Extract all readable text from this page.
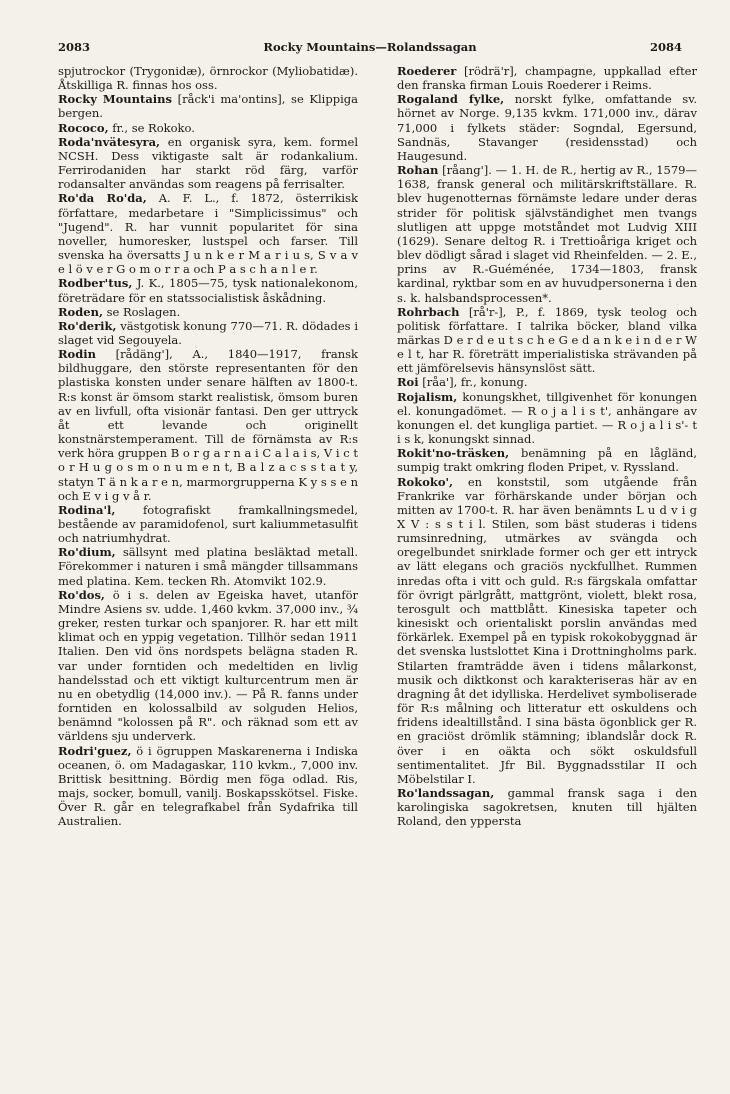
2083	Rocky Mountains—Rolandssagan	2084

spjutrockor (Trygonidæ), örnrockor (Myliobatidæ). Åtskilliga R. finnas hos oss.

Rocky Mountains [råck'i ma'ontins], se Klippiga bergen.

Rococo, fr., se Rokoko.

Roda'nvätesyra, en organisk syra, kem. formel NCSH. Dess viktigaste salt är rodankalium. Ferrirodaniden har starkt röd färg, varför rodansalter användas som reagens på ferrisalter.

Ro'da Ro'da, A. F. L., f. 1872, österrikisk författare, medarbetare i "Simplicissimus" och "Jugend". R. har vunnit popularitet för sina noveller, humoresker, lustspel och farser. Till svenska ha översatts J u n k e r M a r i u s, S v a v e l ö v e r G o m o r r a och P a s c h a n l e r.

Rodber'tus, J. K., 1805—75, tysk nationalekonom, företrädare för en statssocialistisk åskådning.

Roden, se Roslagen.

Ro'derik, västgotisk konung 770—71. R. dödades i slaget vid Segouyela.

Rodin [rådäng'], A., 1840—1917, fransk bildhuggare, den störste representanten för den plastiska konsten under senare hälften av 1800-t. R:s konst är ömsom starkt realistisk, ömsom buren av en livfull, ofta visionär fantasi. Den ger uttryck åt ett levande och originellt konstnärstemperament. Till de förnämsta av R:s verk höra gruppen B o r g a r n a i C a l a i s, V i c t o r H u g o s m o n u m e n t, B a l z a c s s t a t y, statyn T ä n k a r e n, marmorgrupperna K y s s e n och E v i g v å r.

Rodina'l, fotografiskt framkallningsmedel, bestående av paramidofenol, surt kaliummetasulfit och natriumhydrat.

Ro'dium, sällsynt med platina besläktad metall. Förekommer i naturen i små mängder tillsammans med platina. Kem. tecken Rh. Atomvikt 102.9.

Ro'dos, ö i s. delen av Egeiska havet, utanför Mindre Asiens sv. udde. 1,460 kvkm. 37,000 inv., ¾ greker, resten turkar och spanjorer. R. har ett milt klimat och en yppig vegetation. Tillhör sedan 1911 Italien. Den vid öns nordspets belägna staden R. var under forntiden och medeltiden en livlig handelsstad och ett viktigt kulturcentrum men är nu en obetydlig (14,000 inv.). — På R. fanns under forntiden en kolossalbild av solguden Helios, benämnd "kolossen på R". och räknad som ett av världens sju underverk.

Rodri'guez, ö i ögruppen Maskarenerna i Indiska oceanen, ö. om Madagaskar, 110 kvkm., 7,000 inv. Brittisk besittning. Bördig men föga odlad. Ris, majs, socker, bomull, vanilj. Boskapsskötsel. Fiske. Över R. går en telegrafkabel från Sydafrika till Australien.

Roederer [rödrä'r], champagne, uppkallad efter den franska firman Louis Roederer i Reims.

Rogaland fylke, norskt fylke, omfattande sv. hörnet av Norge. 9,135 kvkm. 171,000 inv., därav 71,000 i fylkets städer: Sogndal, Egersund, Sandnäs, Stavanger (residensstad) och Haugesund.

Rohan [råang']. — 1. H. de R., hertig av R., 1579—1638, fransk general och militärskriftställare. R. blev hugenotternas förnämste ledare under deras strider för politisk självständighet men tvangs slutligen att uppge motståndet mot Ludvig XIII (1629). Senare deltog R. i Trettioåriga kriget och blev dödligt sårad i slaget vid Rheinfelden. — 2. E., prins av R.-Guéménée, 1734—1803, fransk kardinal, ryktbar som en av huvudpersonerna i den s. k. halsbandsprocessen*.

Rohrbach [rå'r-], P., f. 1869, tysk teolog och politisk författare. I talrika böcker, bland vilka märkas D e r d e u t s c h e G e d a n k e i n d e r W e l t, har R. företrätt imperialistiska strävanden på ett jämförelsevis hänsynslöst sätt.

Roi [råa'], fr., konung.

Rojalism, konungskhet, tillgivenhet för konungen el. konungadömet. — R o j a l i s t', anhängare av konungen el. det kungliga partiet. — R o j a l i s'- t i s k, konungskt sinnad.

Rokit'no-träsken, benämning på en lågländ, sumpig trakt omkring floden Pripet, v. Ryssland.

Rokoko', en konststil, som utgående från Frankrike var förhärskande under början och mitten av 1700-t. R. har även benämnts L u d v i g X V : s s t i l. Stilen, som bäst studeras i tidens rumsinredning, utmärkes av svängda och oregelbundet snirklade former och ger ett intryck av lätt elegans och graciös nyckfullhet. Rummen inredas ofta i vitt och guld. R:s färgskala omfattar för övrigt pärlgrått, mattgrönt, violett, blekt rosa, terosgult och mattblått. Kinesiska tapeter och kinesiskt och orientaliskt porslin användas med förkärlek. Exempel på en typisk rokokobyggnad är det svenska lustslottet Kina i Drottningholms park. Stilarten framträdde även i tidens målarkonst, musik och diktkonst och karakteriseras här av en dragning åt det idylliska. Herdelivet symboliserade för R:s målning och litteratur ett oskuldens och fridens idealtillstånd. I sina bästa ögonblick ger R. en graciöst drömlik stämning; iblandslår dock R. över i en oäkta och sökt oskuldsfull sentimentalitet. Jfr Bil. Byggnadsstilar II och Möbelstilar I.

Ro'landssagan, gammal fransk saga i den karolingiska sagokretsen, knuten till hjälten Roland, den yppersta
